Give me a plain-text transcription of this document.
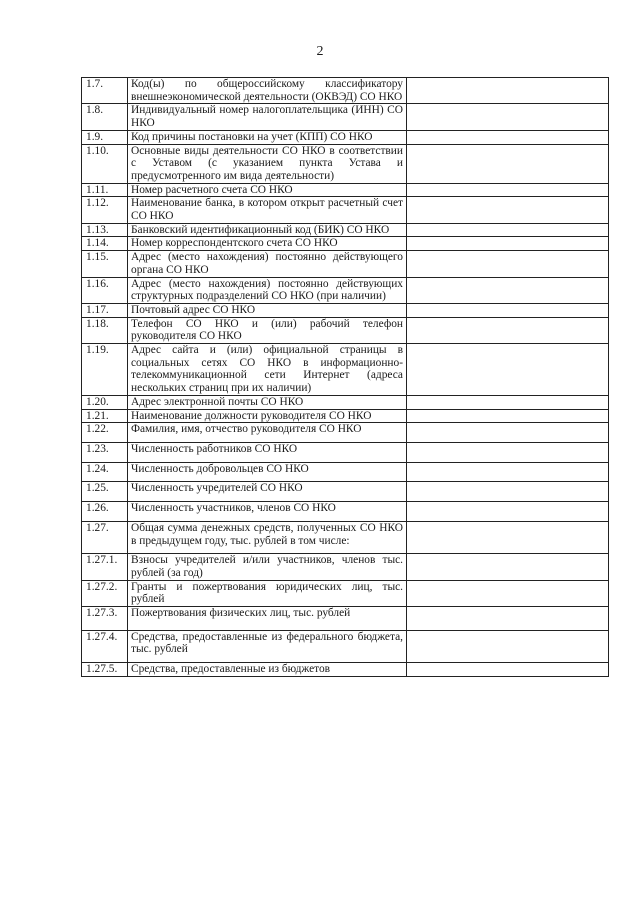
2
1.7.	Код(ы) по общероссийскому классификатору внешнеэкономической деятельности (ОКВЭД) СО НКО	
1.8.	Индивидуальный номер налогоплательщика (ИНН) СО НКО	
1.9.	Код причины постановки на учет (КПП) СО НКО	
1.10.	Основные виды деятельности СО НКО в соответствии с Уставом (с указанием пункта Устава и предусмотренного им вида деятельности)	
1.11.	Номер расчетного счета СО НКО	
1.12.	Наименование банка, в котором открыт расчетный счет СО НКО	
1.13.	Банковский идентификационный код (БИК) СО НКО	
1.14.	Номер корреспондентского счета СО НКО	
1.15.	Адрес (место нахождения) постоянно действующего органа СО НКО	
1.16.	Адрес (место нахождения) постоянно действующих структурных подразделений СО НКО (при наличии)	
1.17.	Почтовый адрес СО НКО	
1.18.	Телефон СО НКО и (или) рабочий телефон руководителя СО НКО	
1.19.	Адрес сайта и (или) официальной страницы в социальных сетях СО НКО в информационно-телекоммуникационной сети Интернет (адреса нескольких страниц при их наличии)	
1.20.	Адрес электронной почты СО НКО	
1.21.	Наименование должности руководителя СО НКО	
1.22.	Фамилия, имя, отчество руководителя СО НКО	
1.23.	Численность работников СО НКО	
1.24.	Численность добровольцев СО НКО	
1.25.	Численность учредителей СО НКО	
1.26.	Численность участников, членов СО НКО	
1.27.	Общая сумма денежных средств, полученных СО НКО в предыдущем году, тыс. рублей в том числе:	
1.27.1.	Взносы учредителей и/или участников, членов тыс. рублей (за год)	
1.27.2.	Гранты и пожертвования юридических лиц, тыс. рублей	
1.27.3.	Пожертвования физических лиц, тыс. рублей	
1.27.4.	Средства, предоставленные из федерального бюджета, тыс. рублей	
1.27.5.	Средства, предоставленные из бюджетов	
